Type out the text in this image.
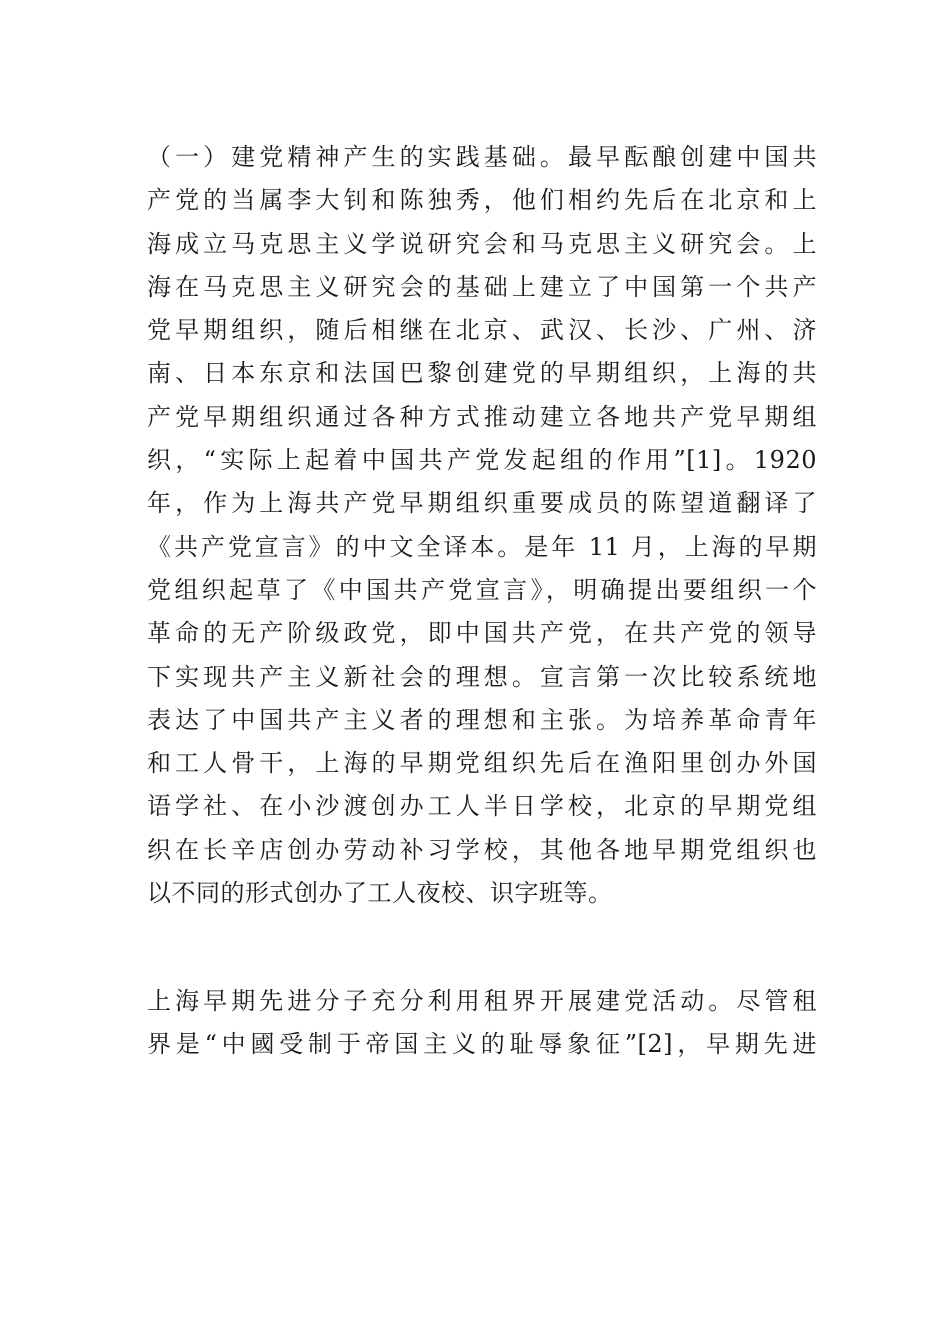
（一）建党精神产生的实践基础。最早酝酿创建中国共
产党的当属李大钊和陈独秀，他们相约先后在北京和上
海成立马克思主义学说研究会和马克思主义研究会。上
海在马克思主义研究会的基础上建立了中国第一个共产
党早期组织，随后相继在北京、武汉、长沙、广州、济
南、日本东京和法国巴黎创建党的早期组织，上海的共
产党早期组织通过各种方式推动建立各地共产党早期组
织，“实际上起着中国共产党发起组的作用”[1]。1920
年，作为上海共产党早期组织重要成员的陈望道翻译了
《共产党宣言》的中文全译本。是年 11 月，上海的早期
党组织起草了《中国共产党宣言》，明确提出要组织一个
革命的无产阶级政党，即中国共产党，在共产党的领导
下实现共产主义新社会的理想。宣言第一次比较系统地
表达了中国共产主义者的理想和主张。为培养革命青年
和工人骨干，上海的早期党组织先后在渔阳里创办外国
语学社、在小沙渡创办工人半日学校，北京的早期党组
织在长辛店创办劳动补习学校，其他各地早期党组织也
以不同的形式创办了工人夜校、识字班等。
上海早期先进分子充分利用租界开展建党活动。尽管租
界是“中國受制于帝国主义的耻辱象征”[2]，早期先进
